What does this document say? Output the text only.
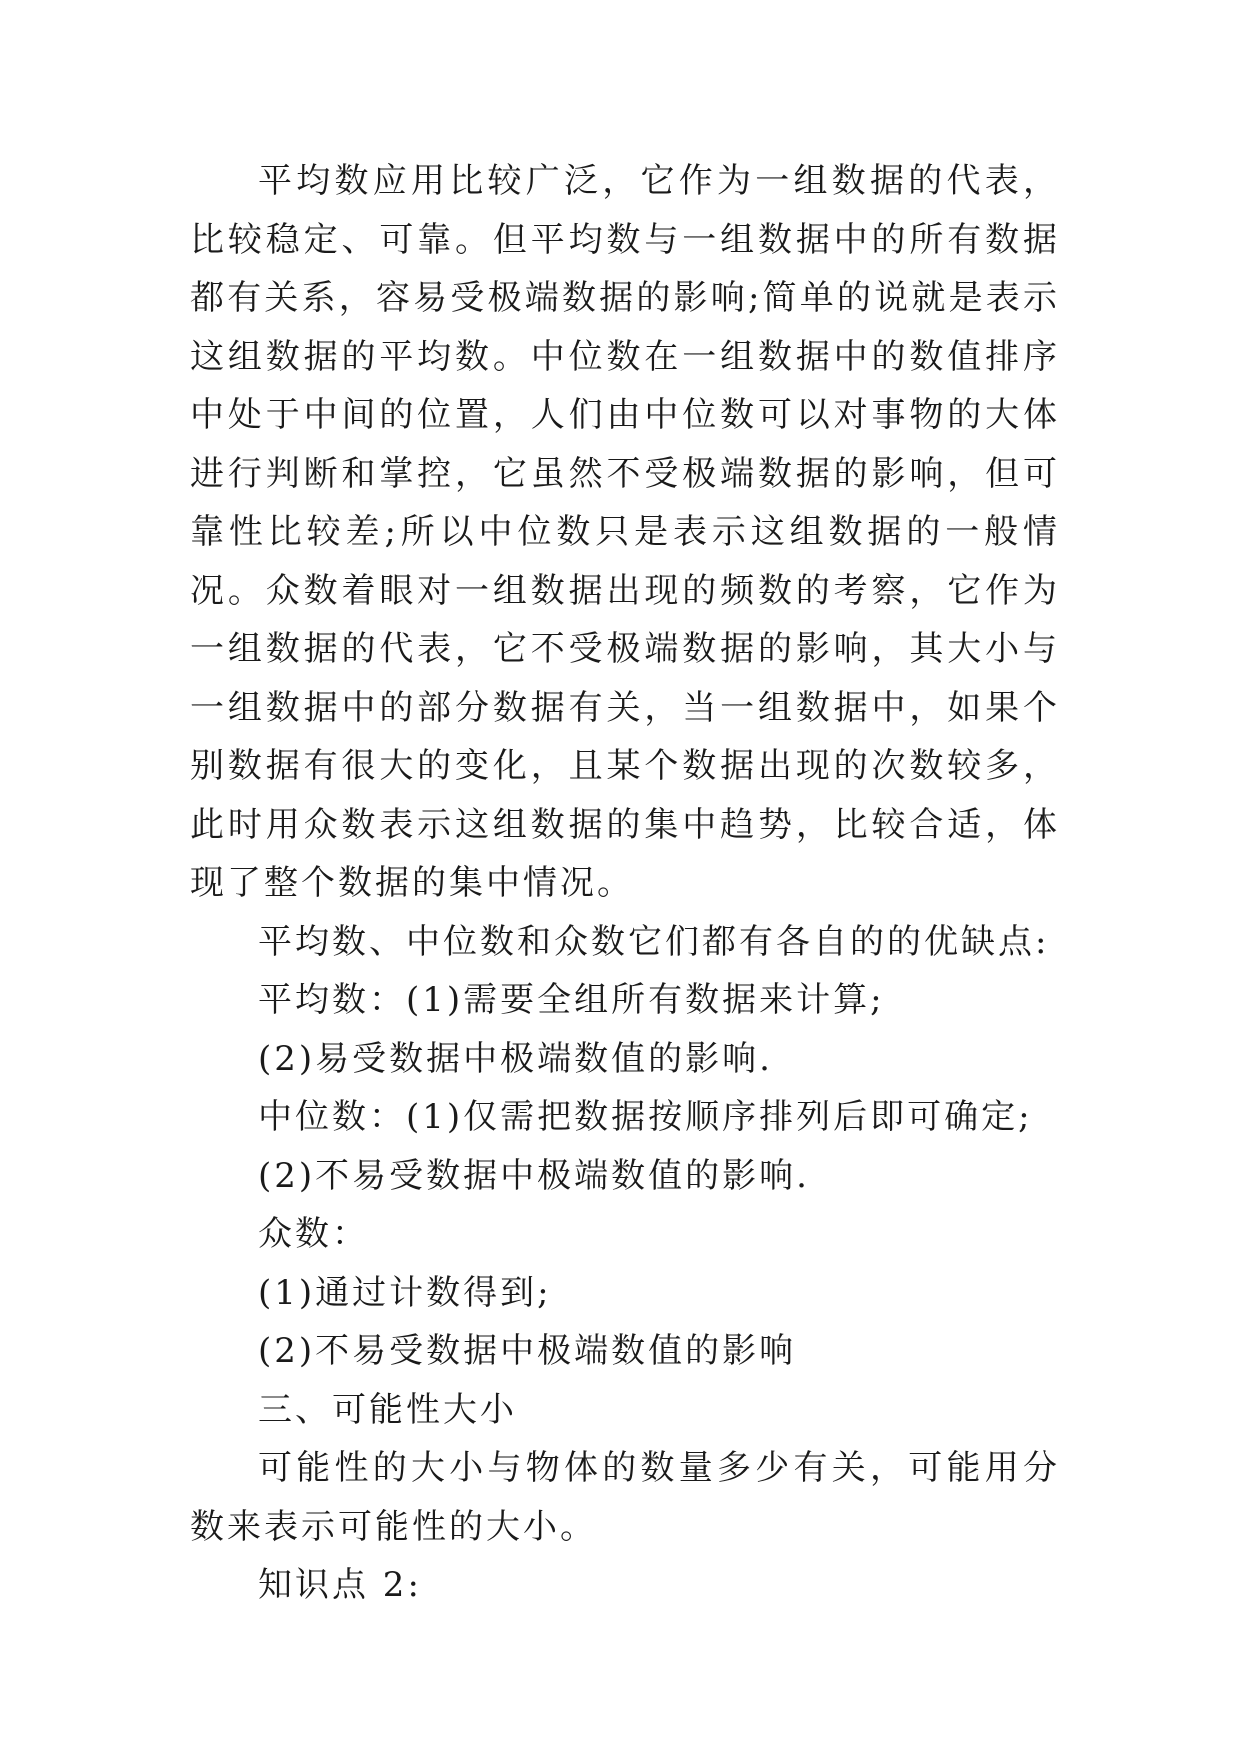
平均数应用比较广泛，它作为一组数据的代表，比较稳定、可靠。但平均数与一组数据中的所有数据都有关系，容易受极端数据的影响;简单的说就是表示这组数据的平均数。中位数在一组数据中的数值排序中处于中间的位置，人们由中位数可以对事物的大体进行判断和掌控，它虽然不受极端数据的影响，但可靠性比较差;所以中位数只是表示这组数据的一般情况。众数着眼对一组数据出现的频数的考察，它作为一组数据的代表，它不受极端数据的影响，其大小与一组数据中的部分数据有关，当一组数据中，如果个别数据有很大的变化，且某个数据出现的次数较多，此时用众数表示这组数据的集中趋势，比较合适，体现了整个数据的集中情况。

平均数、中位数和众数它们都有各自的的优缺点:

平均数：(1)需要全组所有数据来计算;

(2)易受数据中极端数值的影响.

中位数：(1)仅需把数据按顺序排列后即可确定;

(2)不易受数据中极端数值的影响.

众数：

(1)通过计数得到;

(2)不易受数据中极端数值的影响

三、可能性大小

可能性的大小与物体的数量多少有关，可能用分数来表示可能性的大小。

知识点 2:
